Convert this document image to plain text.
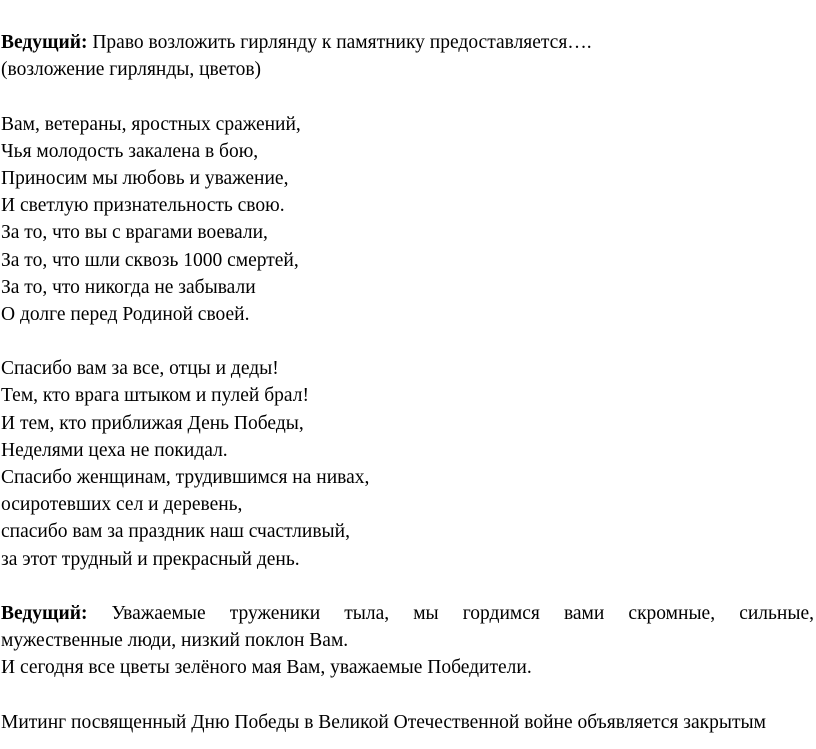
Ведущий: Право возложить гирлянду к памятнику предоставляется….
(возложение гирлянды, цветов)
Вам, ветераны, яростных сражений,
Чья молодость закалена в бою,
Приносим мы любовь и уважение,
И светлую признательность свою.
За то, что вы с врагами воевали,
За то, что шли сквозь 1000 смертей,
За то, что никогда не забывали
О долге перед Родиной своей.
Спасибо вам за все, отцы и деды!
Тем, кто врага штыком и пулей брал!
И тем, кто приближая День Победы,
Неделями цеха не покидал.
Спасибо женщинам, трудившимся на нивах,
осиротевших сел и деревень,
спасибо вам за праздник наш счастливый,
за этот трудный и прекрасный день.
Ведущий: Уважаемые труженики тыла, мы гордимся вами скромные, сильные,
мужественные люди, низкий поклон Вам.
И сегодня все цветы зелёного мая Вам, уважаемые Победители.
Митинг посвященный Дню Победы в Великой Отечественной войне объявляется закрытым
